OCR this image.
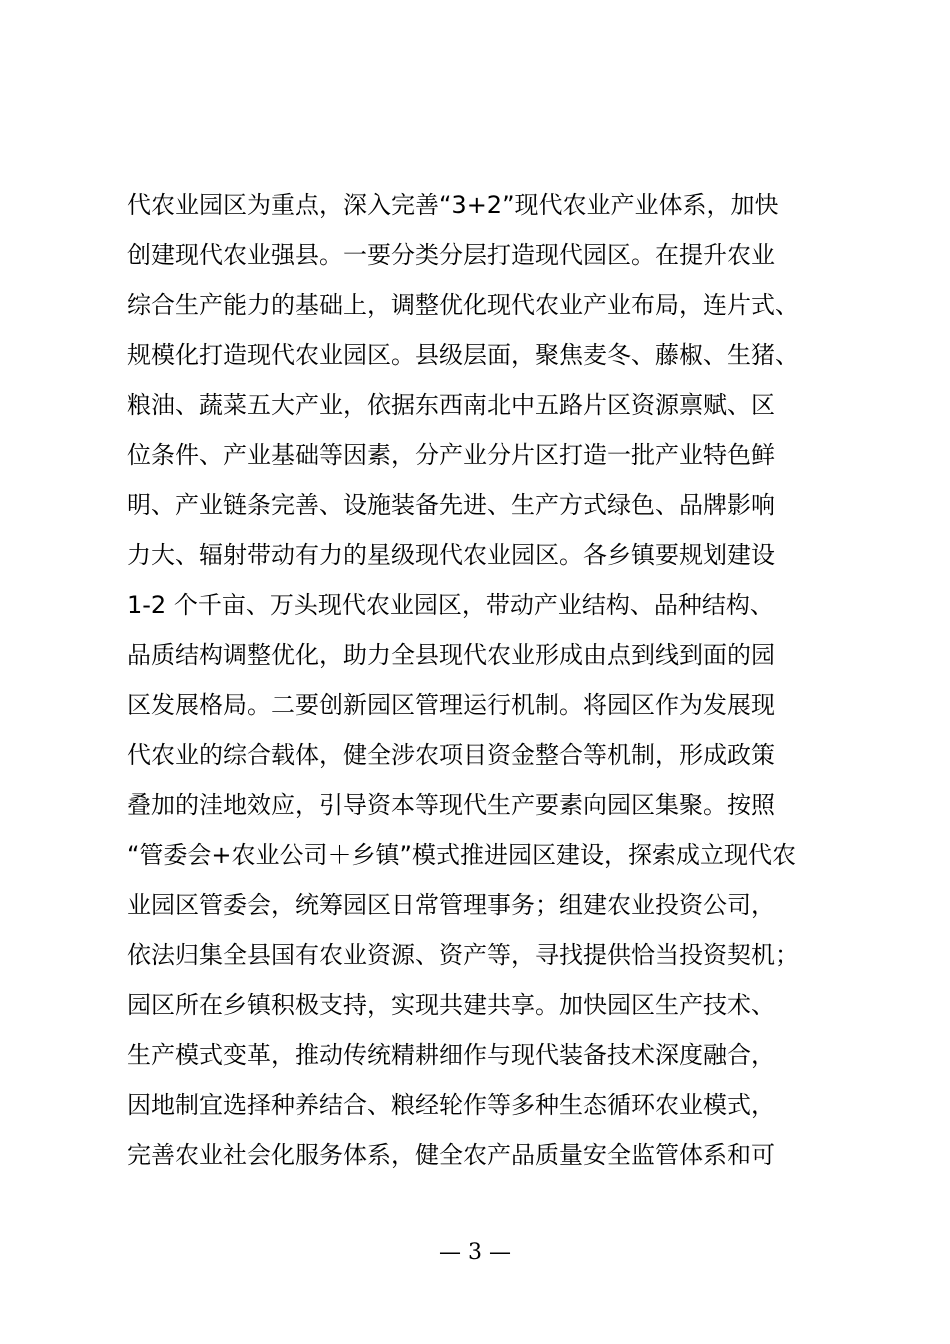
代农业园区为重点，深入完善“3+2”现代农业产业体系，加快
创建现代农业强县。一要分类分层打造现代园区。在提升农业
综合生产能力的基础上，调整优化现代农业产业布局，连片式、
规模化打造现代农业园区。县级层面，聚焦麦冬、藤椒、生猪、
粮油、蔬菜五大产业，依据东西南北中五路片区资源禀赋、区
位条件、产业基础等因素，分产业分片区打造一批产业特色鲜
明、产业链条完善、设施装备先进、生产方式绿色、品牌影响
力大、辐射带动有力的星级现代农业园区。各乡镇要规划建设
1-2 个千亩、万头现代农业园区，带动产业结构、品种结构、
品质结构调整优化，助力全县现代农业形成由点到线到面的园
区发展格局。二要创新园区管理运行机制。将园区作为发展现
代农业的综合载体，健全涉农项目资金整合等机制，形成政策
叠加的洼地效应，引导资本等现代生产要素向园区集聚。按照
“管委会+农业公司＋乡镇”模式推进园区建设，探索成立现代农
业园区管委会，统筹园区日常管理事务；组建农业投资公司，
依法归集全县国有农业资源、资产等，寻找提供恰当投资契机；
园区所在乡镇积极支持，实现共建共享。加快园区生产技术、
生产模式变革，推动传统精耕细作与现代装备技术深度融合，
因地制宜选择种养结合、粮经轮作等多种生态循环农业模式，
完善农业社会化服务体系，健全农产品质量安全监管体系和可
— 3 —
